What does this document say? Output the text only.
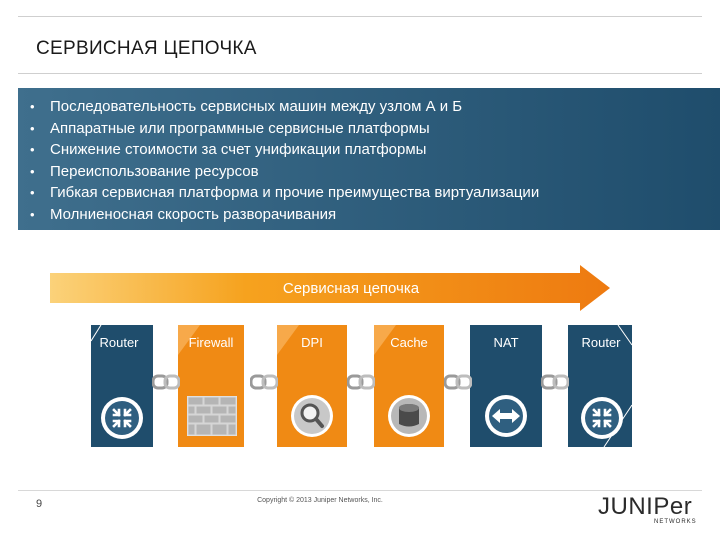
СЕРВИСНАЯ ЦЕПОЧКА
•	Последовательность сервисных машин между узлом А и Б
•	Аппаратные или программные сервисные платформы
•	Снижение стоимости за счет унификации платформы
•	Переиспользование ресурсов
•	Гибкая сервисная платформа и прочие преимущества виртуализации
•	Молниеносная скорость разворачивания
Сервисная цепочка
Router	Firewall	DPI	Cache	NAT	Router
9	Copyright © 2013 Juniper Networks, Inc.	JUNIPer
NETWORKS
